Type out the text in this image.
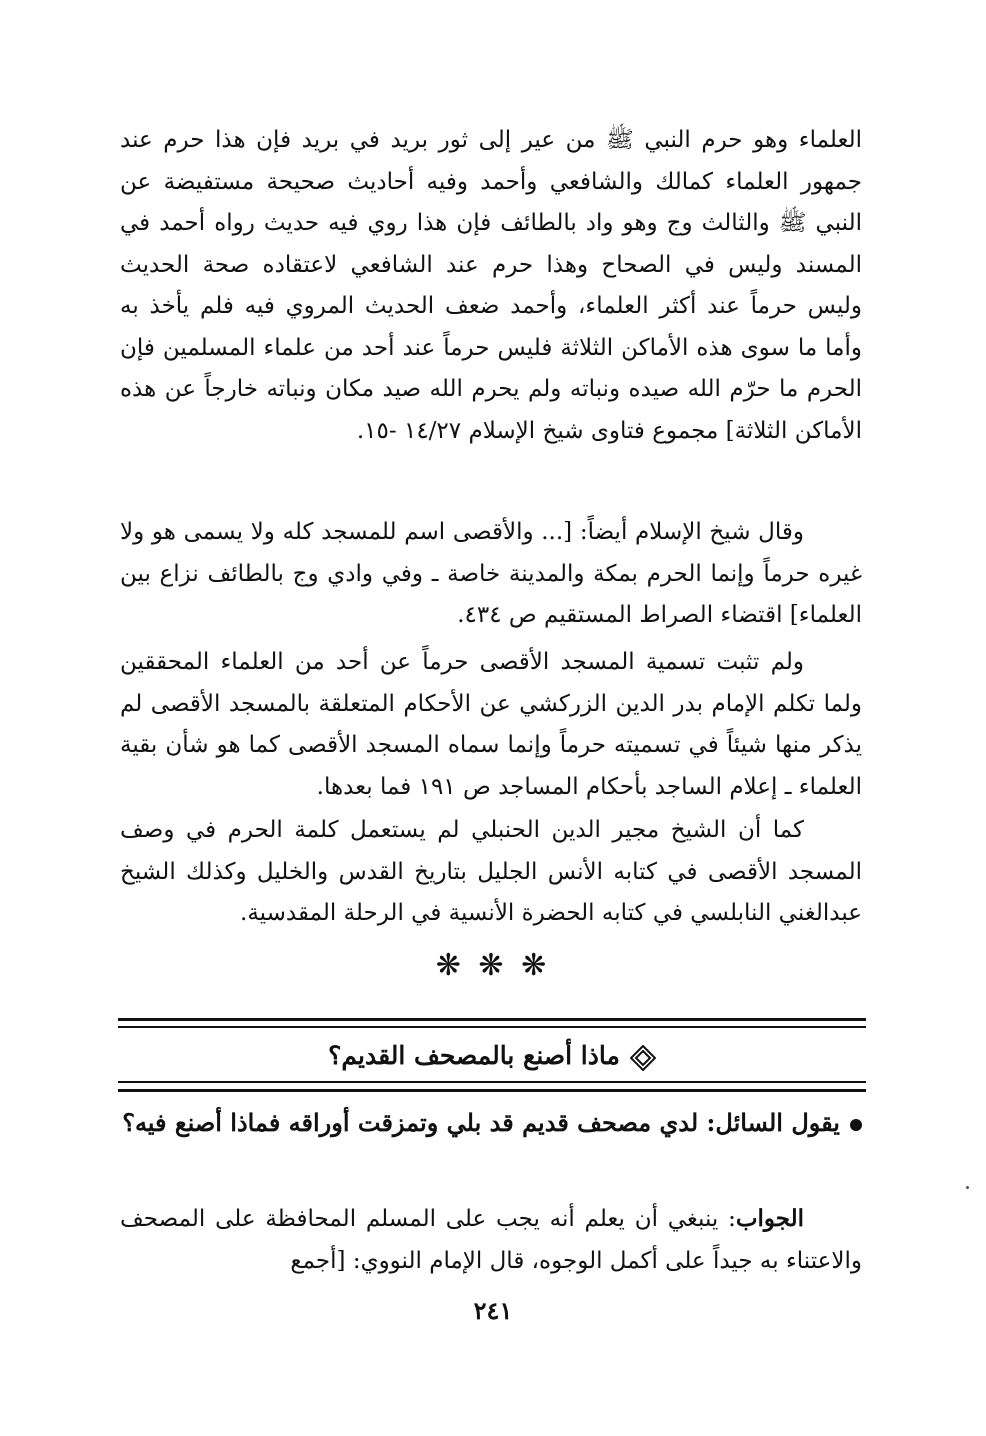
العلماء وهو حرم النبي ﷺ من عير إلى ثور بريد في بريد فإن هذا حرم عند جمهور العلماء كمالك والشافعي وأحمد وفيه أحاديث صحيحة مستفيضة عن النبي ﷺ والثالث وج وهو واد بالطائف فإن هذا روي فيه حديث رواه أحمد في المسند وليس في الصحاح وهذا حرم عند الشافعي لاعتقاده صحة الحديث وليس حرماً عند أكثر العلماء، وأحمد ضعف الحديث المروي فيه فلم يأخذ به وأما ما سوى هذه الأماكن الثلاثة فليس حرماً عند أحد من علماء المسلمين فإن الحرم ما حرّم الله صيده ونباته ولم يحرم الله صيد مكان ونباته خارجاً عن هذه الأماكن الثلاثة] مجموع فتاوى شيخ الإسلام ١٤/٢٧ -١٥.

وقال شيخ الإسلام أيضاً: [... والأقصى اسم للمسجد كله ولا يسمى هو ولا غيره حرماً وإنما الحرم بمكة والمدينة خاصة ـ وفي وادي وج بالطائف نزاع بين العلماء] اقتضاء الصراط المستقيم ص ٤٣٤.

ولم تثبت تسمية المسجد الأقصى حرماً عن أحد من العلماء المحققين ولما تكلم الإمام بدر الدين الزركشي عن الأحكام المتعلقة بالمسجد الأقصى لم يذكر منها شيئاً في تسميته حرماً وإنما سماه المسجد الأقصى كما هو شأن بقية العلماء ـ إعلام الساجد بأحكام المساجد ص ١٩١ فما بعدها.

كما أن الشيخ مجير الدين الحنبلي لم يستعمل كلمة الحرم في وصف المسجد الأقصى في كتابه الأنس الجليل بتاريخ القدس والخليل وكذلك الشيخ عبدالغني النابلسي في كتابه الحضرة الأنسية في الرحلة المقدسية.

❋ ❋ ❋
ماذا أصنع بالمصحف القديم؟
يقول السائل: لدي مصحف قديم قد بلي وتمزقت أوراقه فماذا أصنع فيه؟
الجواب: ينبغي أن يعلم أنه يجب على المسلم المحافظة على المصحف والاعتناء به جيداً على أكمل الوجوه، قال الإمام النووي: [أجمع
٢٤١
